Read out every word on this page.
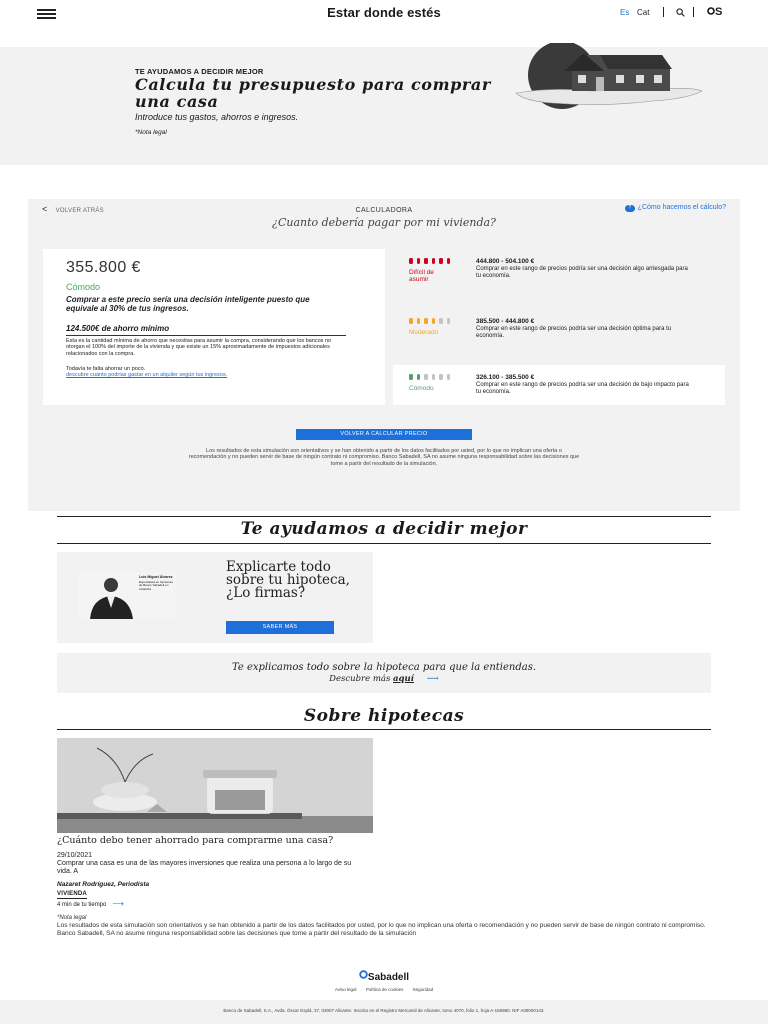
Estar donde estés	Es Cat	S
TE AYUDAMOS A DECIDIR MEJOR
Calcula tu presupuesto para comprar una casa
Introduce tus gastos, ahorros e ingresos.
*Nota legal
< VOLVER ATRÁS	CALCULADORA
¿Cuanto debería pagar por mi vivienda?
? ¿Cómo hacemos el cálculo?
355.800 €
Cómodo
Comprar a este precio sería una decisión inteligente puesto que equivale al 30% de tus ingresos.
124.500€ de ahorro mínimo
Esta es la cantidad mínima de ahorro que necesitas para asumir la compra, considerando que los bancos no otorgan el 100% del importe de la vivienda y que existe un 15% aproximadamente de impuestos adicionales relacionados con la compra.
Todavía te falta ahorrar un poco.
descubre cuánto podrías gastar en un alquiler según tus ingresos.
Difícil de asumir
444.800 - 504.100 €
Comprar en este rango de precios podría ser una decisión algo arriesgada para tu economía.
Moderado
385.500 - 444.800 €
Comprar en este rango de precios podría ser una decisión óptima para tu economía.
Cómodo
326.100 - 385.500 €
Comprar en este rango de precios podría ser una decisión de bajo impacto para tu economía.
VOLVER A CALCULAR PRECIO
Los resultados de esta simulación son orientativos y se han obtenido a partir de los datos facilitados por usted, por lo que no implican una oferta o recomendación y no pueden servir de base de ningún contrato ni compromiso. Banco Sabadell, SA no asume ninguna responsabilidad sobre las decisiones que tome a partir del resultado de la simulación.
Te ayudamos a decidir mejor
Luis Miguel Álvarez
Especialista en hipotecas de Banco Sabadell en Cataluña
Explicarte todo sobre tu hipoteca, ¿Lo firmas?
SABER MÁS
Te explicamos todo sobre la hipoteca para que la entiendas.
Descubre más aquí ⟶
Sobre hipotecas
¿Cuánto debo tener ahorrado para comprarme una casa?
29/10/2021
Comprar una casa es una de las mayores inversiones que realiza una persona a lo largo de su vida. A
Nazaret Rodríguez, Periodista
VIVIENDA
4 min de tu tiempo ⟶
*Nota legal
Los resultados de esta simulación son orientativos y se han obtenido a partir de los datos facilitados por usted, por lo que no implican una oferta o recomendación y no pueden servir de base de ningún contrato ni compromiso. Banco Sabadell, SA no asume ninguna responsabilidad sobre las decisiones que tome a partir del resultado de la simulación
Sabadell
Aviso legal Política de cookies Seguridad
Banco de Sabadell, S.A., Avda. Óscar Esplá, 37, 03007 Alicante. Inscrito en el Registro Mercantil de Alicante, tomo 4070, folio 1, hoja A-156980. NIF A08000143.
